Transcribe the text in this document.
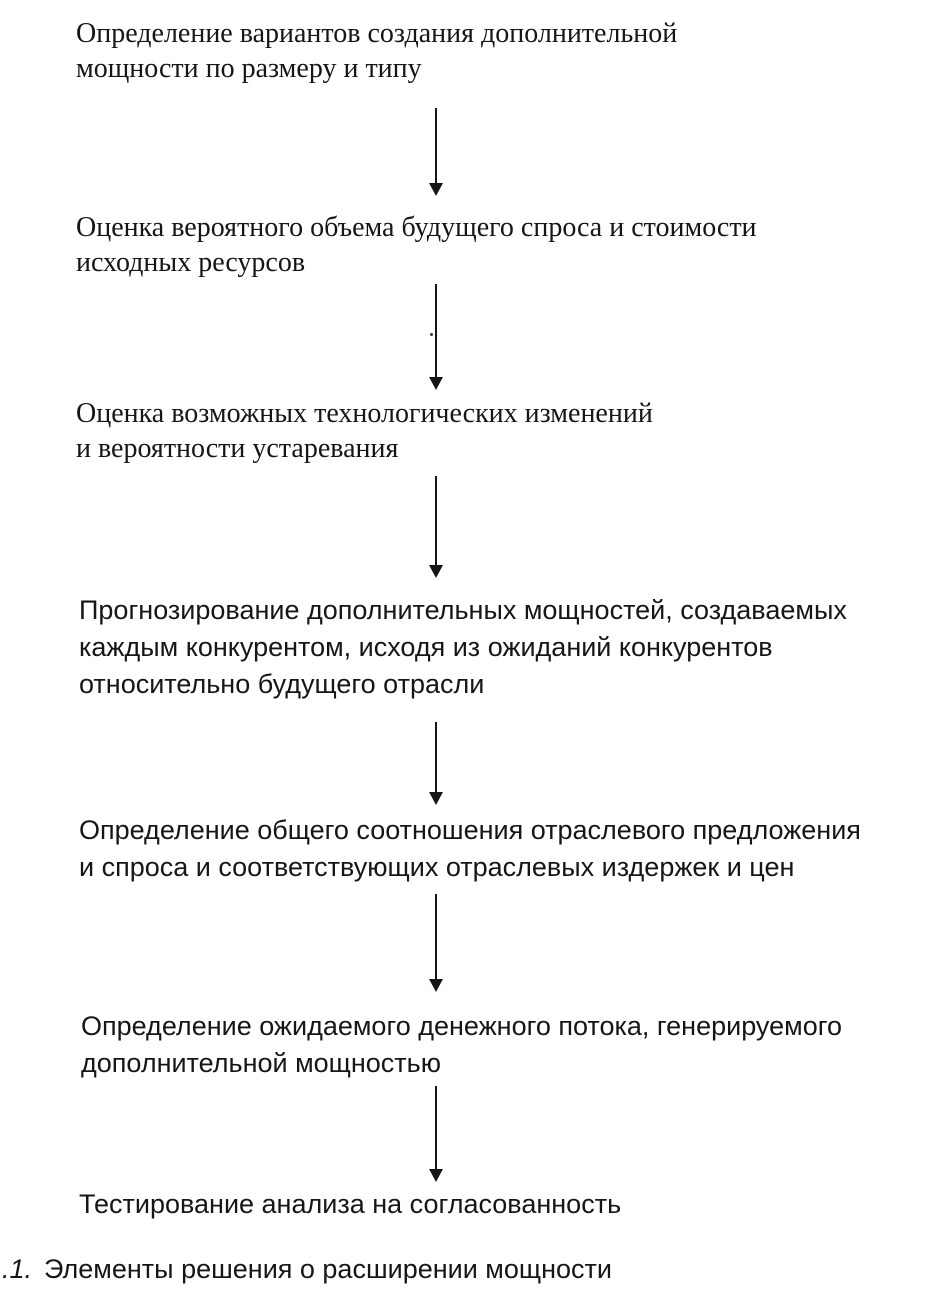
Определение вариантов создания дополнительной
мощности по размеру и типу
Оценка вероятного объема будущего спроса и стоимости
исходных ресурсов
Оценка возможных технологических изменений
и вероятности устаревания
Прогнозирование дополнительных мощностей, создаваемых
каждым конкурентом, исходя из ожиданий конкурентов
относительно будущего отрасли
Определение общего соотношения отраслевого предложения
и спроса и соответствующих отраслевых издержек и цен
Определение ожидаемого денежного потока, генерируемого
дополнительной мощностью
Тестирование анализа на согласованность
.1. Элементы решения о расширении мощности
